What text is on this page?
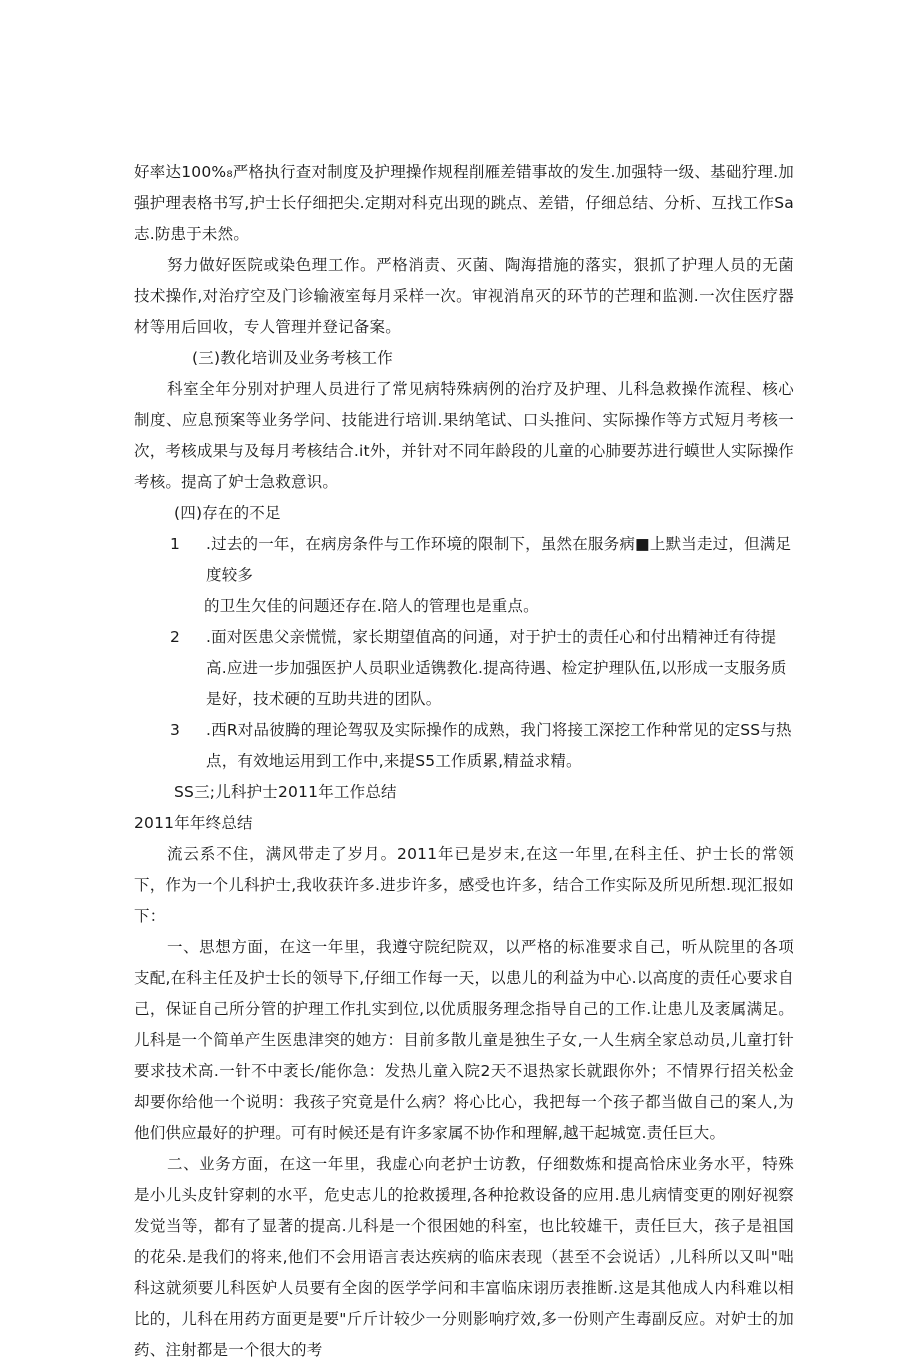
好率达100%₈严格执行查对制度及护理操作规程削雁差错事故的发生.加强特一级、基础狞理.加强护理表格书写,护士长仔细把尖.定期对科克出现的跳点、差错，仔细总结、分析、互找工作Sa志.防患于未然。

努力做好医院或染色理工作。严格消责、灭菌、陶海措施的落实，狠抓了护理人员的无菌技术操作,对治疗空及门诊输液室每月采样一次。审视消帛灭的环节的芒理和监测.一次住医疗器材等用后回收，专人管理并登记备案。

(三)教化培训及业务考核工作

科室全年分别对护理人员进行了常见病特殊病例的治疗及护理、儿科急救操作流程、核心制度、应息预案等业务学问、技能进行培训.果纳笔试、口头推问、实际操作等方式短月考核一次，考核成果与及每月考核结合.it外，并针对不同年龄段的儿童的心肺要苏进行蟆世人实际操作考核。提高了妒士急救意识。

(四)存在的不足

1	.过去的一年，在病房条件与工作环境的限制下，虽然在服务病■上默当走过，但满足度较多

的卫生欠佳的问题还存在.陪人的管理也是重点。

2	.面对医患父亲慌慌，家长期望值高的问通，对于护士的责任心和付出精神迁有待提高.应进一步加强医护人员职业适镌教化.提高待遇、检定护理队伍,以形成一支服务质是好，技术硬的互助共进的团队。
3	.西R对品彼腾的理论驾驭及实际操作的成熟，我门将接工深挖工作种常见的定SS与热点，有效地运用到工作中,来提S5工作质累,精益求精。

SS三;儿科护士2011年工作总结

2011年年终总结

流云系不住，满风带走了岁月。2011年已是岁末,在这一年里,在科主任、护士长的常领下，作为一个儿科护士,我收获许多.进步许多，感受也许多，结合工作实际及所见所想.现汇报如下：

一、思想方面，在这一年里，我遵守院纪院双，以严格的标准要求自己，听从院里的各项支配,在科主任及护士长的领导下,仔细工作每一天，以患儿的利益为中心.以高度的责任心要求自己，保证自己所分管的护理工作扎实到位,以优质服务理念指导自己的工作.让患儿及袤属满足。儿科是一个简单产生医患津突的她方：目前多散儿童是独生子女,一人生病全家总动员,儿童打针要求技术高.一针不中袤长/能你急：发热儿童入院2天不退热家长就跟你外；不情界行招关松金却要你给他一个说明：我孩子究竟是什么病？将心比心，我把每一个孩子都当做自己的案人,为他们供应最好的护理。可有时候还是有许多家属不协作和理解,越干起城宽.责任巨大。

二、业务方面，在这一年里，我虚心向老护士访教，仔细数炼和提高恰床业务水平，特殊是小儿头皮针穿剌的水平，危史志儿的抢救援理,各种抢救设备的应用.患儿病情变更的刚好视察发觉当等，都有了显著的提高.儿科是一个很困她的科室，也比较雄干，责任巨大，孩子是祖国的花朵.是我们的将来,他们不会用语言表达疾病的临床表现（甚至不会说话）,儿科所以又叫"咄科这就须要儿科医妒人员要有全囱的医学学问和丰富临床诩历表推断.这是其他成人内科难以相比的，儿科在用药方面更是要"斤斤计较少一分则影响疗效,多一份则产生毒副反应。对妒士的加药、注射都是一个很大的考
